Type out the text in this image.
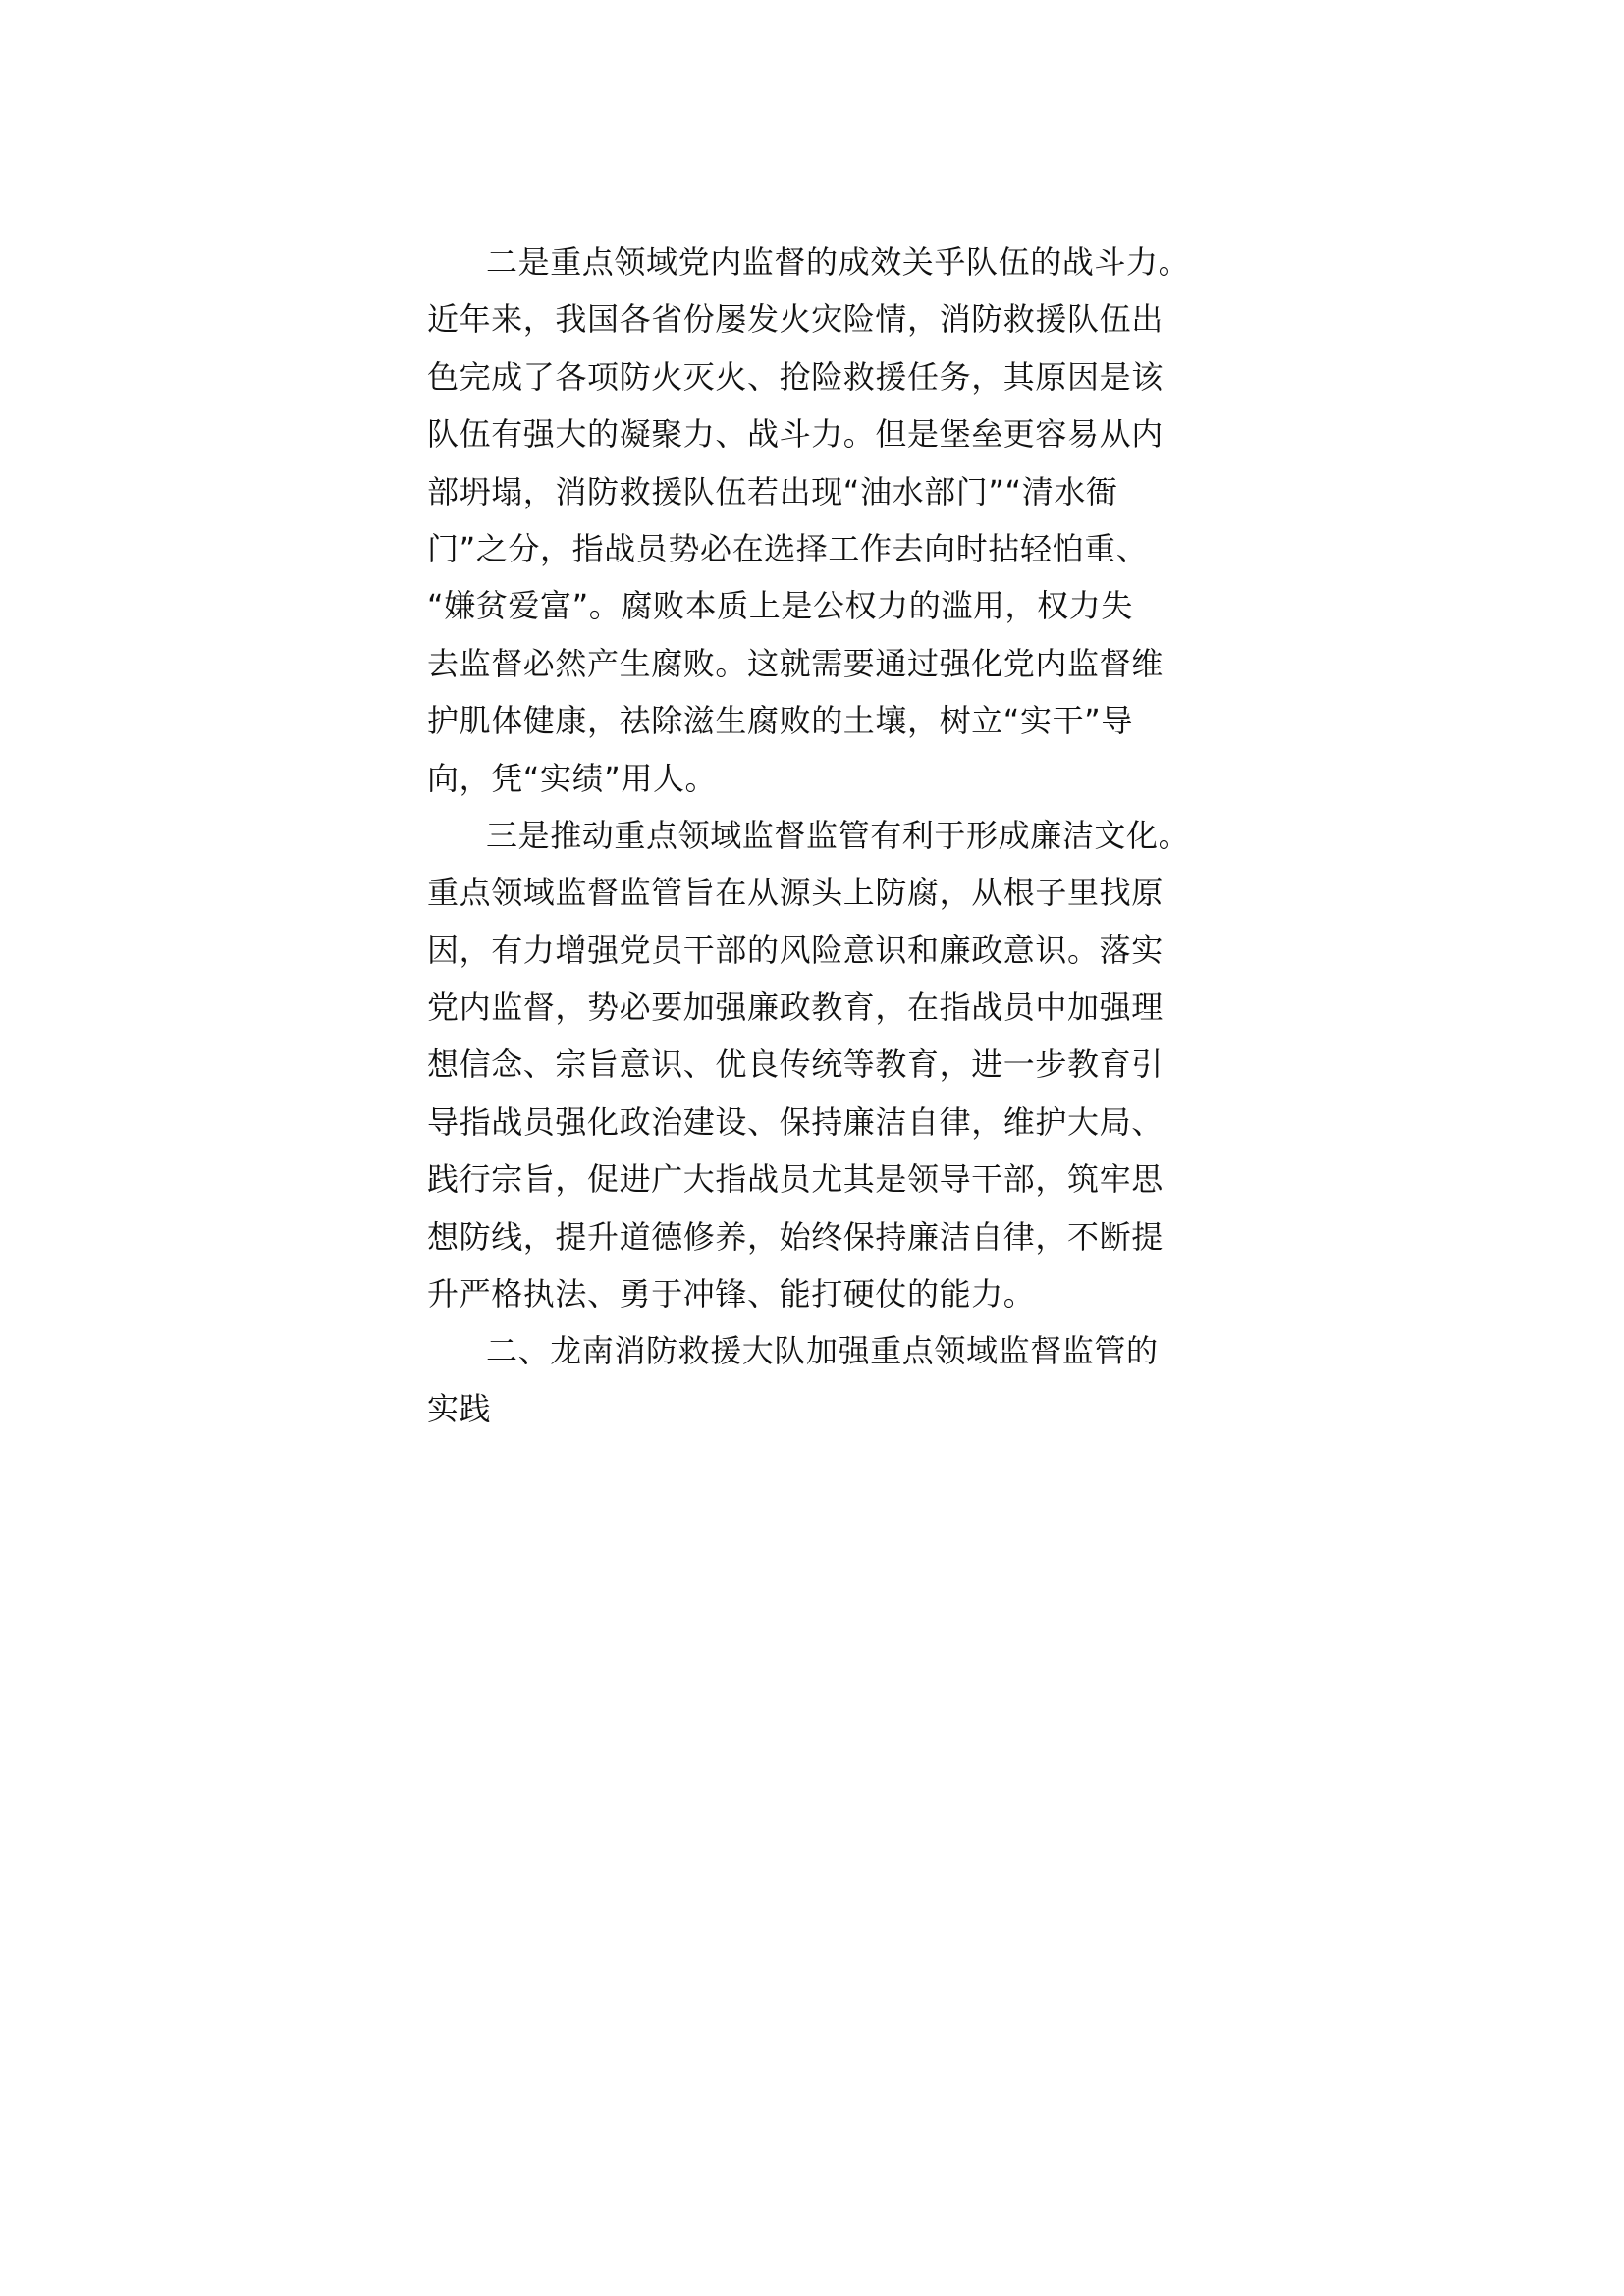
二是重点领域党内监督的成效关乎队伍的战斗力。
近年来，我国各省份屡发火灾险情，消防救援队伍出
色完成了各项防火灭火、抢险救援任务，其原因是该
队伍有强大的凝聚力、战斗力。但是堡垒更容易从内
部坍塌，消防救援队伍若出现“油水部门”“清水衙
门”之分，指战员势必在选择工作去向时拈轻怕重、
“嫌贫爱富”。腐败本质上是公权力的滥用，权力失
去监督必然产生腐败。这就需要通过强化党内监督维
护肌体健康，祛除滋生腐败的土壤，树立“实干”导
向，凭“实绩”用人。
三是推动重点领域监督监管有利于形成廉洁文化。
重点领域监督监管旨在从源头上防腐，从根子里找原
因，有力增强党员干部的风险意识和廉政意识。落实
党内监督，势必要加强廉政教育，在指战员中加强理
想信念、宗旨意识、优良传统等教育，进一步教育引
导指战员强化政治建设、保持廉洁自律，维护大局、
践行宗旨，促进广大指战员尤其是领导干部，筑牢思
想防线，提升道德修养，始终保持廉洁自律，不断提
升严格执法、勇于冲锋、能打硬仗的能力。
二、龙南消防救援大队加强重点领域监督监管的
实践
